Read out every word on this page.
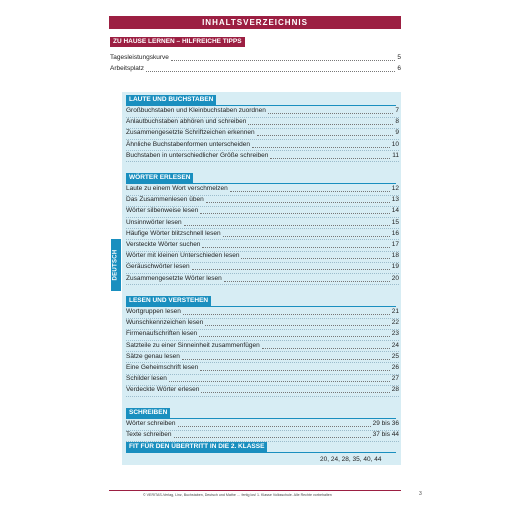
INHALTSVERZEICHNIS
ZU HAUSE LERNEN – HILFREICHE TIPPS
Tagesleistungskurve	5
Arbeitsplatz	6
DEUTSCH
LAUTE UND BUCHSTABEN
Großbuchstaben und Kleinbuchstaben zuordnen	7
Anlautbuchstaben abhören und schreiben	8
Zusammengesetzte Schriftzeichen erkennen	9
Ähnliche Buchstabenformen unterscheiden	10
Buchstaben in unterschiedlicher Größe schreiben	11
WÖRTER ERLESEN
Laute zu einem Wort verschmelzen	12
Das Zusammenlesen üben	13
Wörter silbenweise lesen	14
Unsinnwörter lesen	15
Häufige Wörter blitzschnell lesen	16
Versteckte Wörter suchen	17
Wörter mit kleinen Unterschieden lesen	18
Geräuschwörter lesen	19
Zusammengesetzte Wörter lesen	20
LESEN UND VERSTEHEN
Wortgruppen lesen	21
Wunschkennzeichen lesen	22
Firmenaufschriften lesen	23
Satzteile zu einer Sinneinheit zusammenfügen	24
Sätze genau lesen	25
Eine Geheimschrift lesen	26
Schilder lesen	27
Verdeckte Wörter erlesen	28
SCHREIBEN
Wörter schreiben	29 bis 36
Texte schreiben	37 bis 44
FIT FÜR DEN ÜBERTRITT IN DIE 2. KLASSE
20, 24, 28, 35, 40, 44
© VERITAS-Verlag, Linz, Buchstaben, Deutsch und Mathe … fertig los! 1. Klasse Volksschule. Alle Rechte vorbehalten	3
